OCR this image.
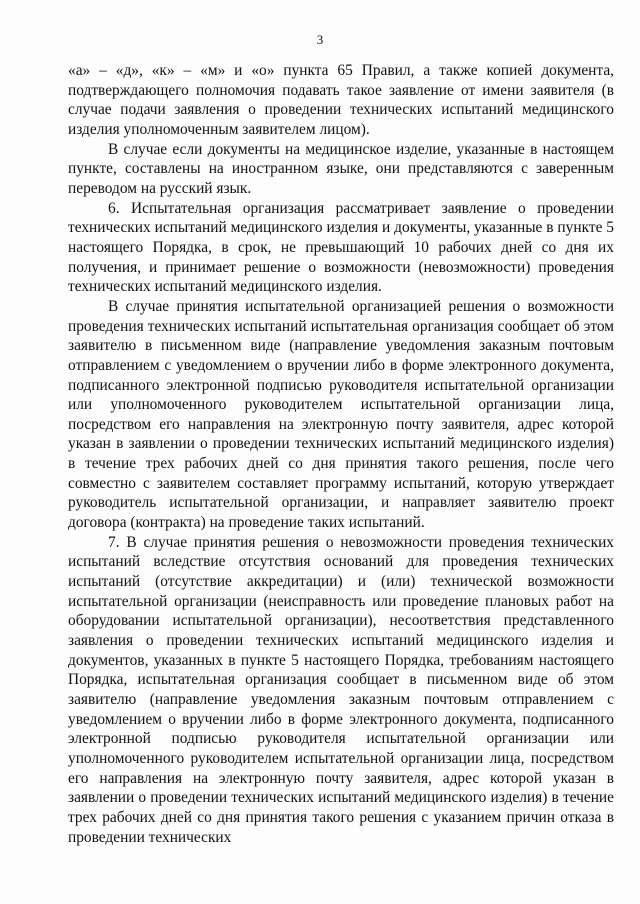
3

«а» – «д», «к» – «м» и «о» пункта 65 Правил, а также копией документа, подтверждающего полномочия подавать такое заявление от имени заявителя (в случае подачи заявления о проведении технических испытаний медицинского изделия уполномоченным заявителем лицом).

В случае если документы на медицинское изделие, указанные в настоящем пункте, составлены на иностранном языке, они представляются с заверенным переводом на русский язык.

6. Испытательная организация рассматривает заявление о проведении технических испытаний медицинского изделия и документы, указанные в пункте 5 настоящего Порядка, в срок, не превышающий 10 рабочих дней со дня их получения, и принимает решение о возможности (невозможности) проведения технических испытаний медицинского изделия.

В случае принятия испытательной организацией решения о возможности проведения технических испытаний испытательная организация сообщает об этом заявителю в письменном виде (направление уведомления заказным почтовым отправлением с уведомлением о вручении либо в форме электронного документа, подписанного электронной подписью руководителя испытательной организации или уполномоченного руководителем испытательной организации лица, посредством его направления на электронную почту заявителя, адрес которой указан в заявлении о проведении технических испытаний медицинского изделия) в течение трех рабочих дней со дня принятия такого решения, после чего совместно с заявителем составляет программу испытаний, которую утверждает руководитель испытательной организации, и направляет заявителю проект договора (контракта) на проведение таких испытаний.

7. В случае принятия решения о невозможности проведения технических испытаний вследствие отсутствия оснований для проведения технических испытаний (отсутствие аккредитации) и (или) технической возможности испытательной организации (неисправность или проведение плановых работ на оборудовании испытательной организации), несоответствия представленного заявления о проведении технических испытаний медицинского изделия и документов, указанных в пункте 5 настоящего Порядка, требованиям настоящего Порядка, испытательная организация сообщает в письменном виде об этом заявителю (направление уведомления заказным почтовым отправлением с уведомлением о вручении либо в форме электронного документа, подписанного электронной подписью руководителя испытательной организации или уполномоченного руководителем испытательной организации лица, посредством его направления на электронную почту заявителя, адрес которой указан в заявлении о проведении технических испытаний медицинского изделия) в течение трех рабочих дней со дня принятия такого решения с указанием причин отказа в проведении технических
